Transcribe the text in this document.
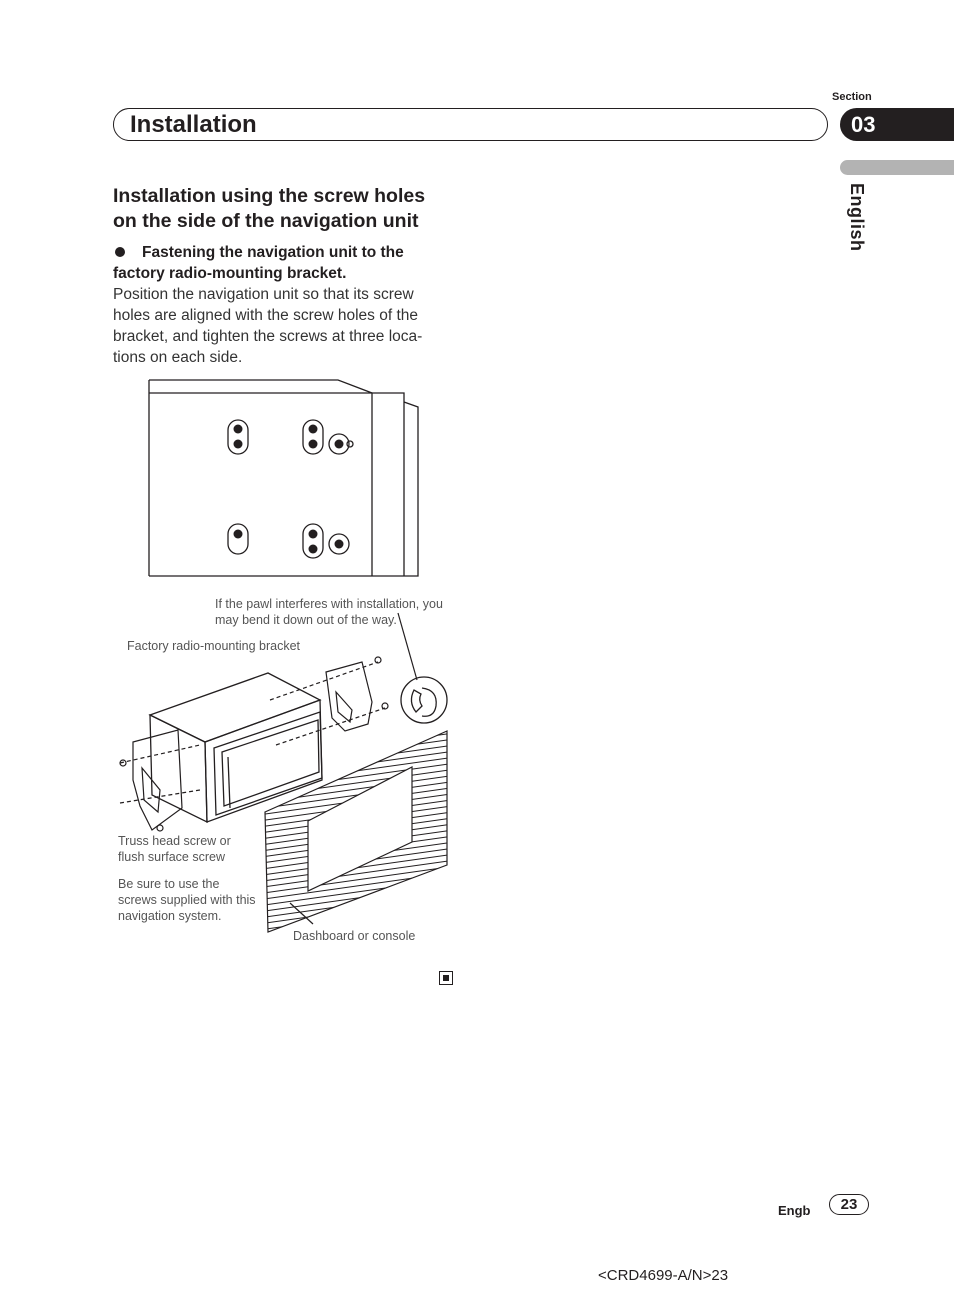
Section
Installation	03
English
Installation using the screw holes on the side of the navigation unit
Fastening the navigation unit to the factory radio-mounting bracket.
Position the navigation unit so that its screw holes are aligned with the screw holes of the bracket, and tighten the screws at three loca-tions on each side.
If the pawl interferes with installation, you may bend it down out of the way.
Factory radio-mounting bracket
Truss head screw or flush surface screw
Be sure to use the screws supplied with this navigation system.
Dashboard or console
Engb	23
<CRD4699-A/N>23
